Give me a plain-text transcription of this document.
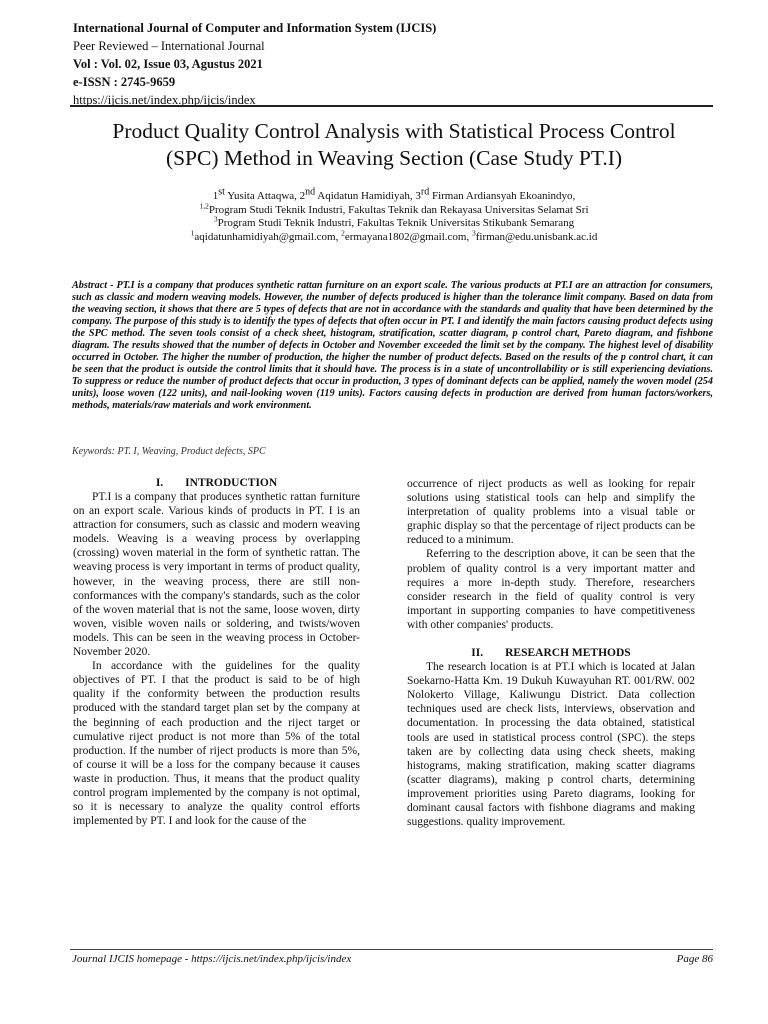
International Journal of Computer and Information System (IJCIS)
Peer Reviewed – International Journal
Vol : Vol. 02, Issue 03, Agustus 2021
e-ISSN : 2745-9659
https://ijcis.net/index.php/ijcis/index
Product Quality Control Analysis with Statistical Process Control
(SPC) Method in Weaving Section (Case Study PT.I)
1st Yusita Attaqwa, 2nd Aqidatun Hamidiyah, 3rd Firman Ardiansyah Ekoanindyo,
$^{1,2}$Program Studi Teknik Industri, Fakultas Teknik dan Rekayasa Universitas Selamat Sri
$^3$Program Studi Teknik Industri, Fakultas Teknik Universitas Stikubank Semarang
$^1$aqidatunhamidiyah@gmail.com, $^2$ermayana1802@gmail.com, $^3$firman@edu.unisbank.ac.id
Abstract - PT.I is a company that produces synthetic rattan furniture on an export scale. The various products at PT.I are an attraction for consumers, such as classic and modern weaving models. However, the number of defects produced is higher than the tolerance limit company. Based on data from the weaving section, it shows that there are 5 types of defects that are not in accordance with the standards and quality that have been determined by the company. The purpose of this study is to identify the types of defects that often occur in PT. I and identify the main factors causing product defects using the SPC method. The seven tools consist of a check sheet, histogram, stratification, scatter diagram, p control chart, Pareto diagram, and fishbone diagram. The results showed that the number of defects in October and November exceeded the limit set by the company. The highest level of disability occurred in October. The higher the number of production, the higher the number of product defects. Based on the results of the p control chart, it can be seen that the product is outside the control limits that it should have. The process is in a state of uncontrollability or is still experiencing deviations. To suppress or reduce the number of product defects that occur in production, 3 types of dominant defects can be applied, namely the woven model (254 units), loose woven (122 units), and nail-looking woven (119 units). Factors causing defects in production are derived from human factors/workers, methods, materials/raw materials and work environment.
Keywords: PT. I, Weaving, Product defects, SPC
I. INTRODUCTION

PT.I is a company that produces synthetic rattan furniture on an export scale. Various kinds of products in PT. I is an attraction for consumers, such as classic and modern weaving models. Weaving is a weaving process by overlapping (crossing) woven material in the form of synthetic rattan. The weaving process is very important in terms of product quality, however, in the weaving process, there are still non-conformances with the company's standards, such as the color of the woven material that is not the same, loose woven, dirty woven, visible woven nails or soldering, and twists/woven models. This can be seen in the weaving process in October-November 2020.

In accordance with the guidelines for the quality objectives of PT. I that the product is said to be of high quality if the conformity between the production results produced with the standard target plan set by the company at the beginning of each production and the riject target or cumulative riject product is not more than 5% of the total production. If the number of riject products is more than 5%, of course it will be a loss for the company because it causes waste in production. Thus, it means that the product quality control program implemented by the company is not optimal, so it is necessary to analyze the quality control efforts implemented by PT. I and look for the cause of the

occurrence of riject products as well as looking for repair solutions using statistical tools can help and simplify the interpretation of quality problems into a visual table or graphic display so that the percentage of riject products can be reduced to a minimum.

Referring to the description above, it can be seen that the problem of quality control is a very important matter and requires a more in-depth study. Therefore, researchers consider research in the field of quality control is very important in supporting companies to have competitiveness with other companies' products.

II. RESEARCH METHODS

The research location is at PT.I which is located at Jalan Soekarno-Hatta Km. 19 Dukuh Kuwayuhan RT. 001/RW. 002 Nolokerto Village, Kaliwungu District. Data collection techniques used are check lists, interviews, observation and documentation. In processing the data obtained, statistical tools are used in statistical process control (SPC). the steps taken are by collecting data using check sheets, making histograms, making stratification, making scatter diagrams (scatter diagrams), making p control charts, determining improvement priorities using Pareto diagrams, looking for dominant causal factors with fishbone diagrams and making suggestions. quality improvement.

Journal IJCIS homepage - https://ijcis.net/index.php/ijcis/index	Page 86
